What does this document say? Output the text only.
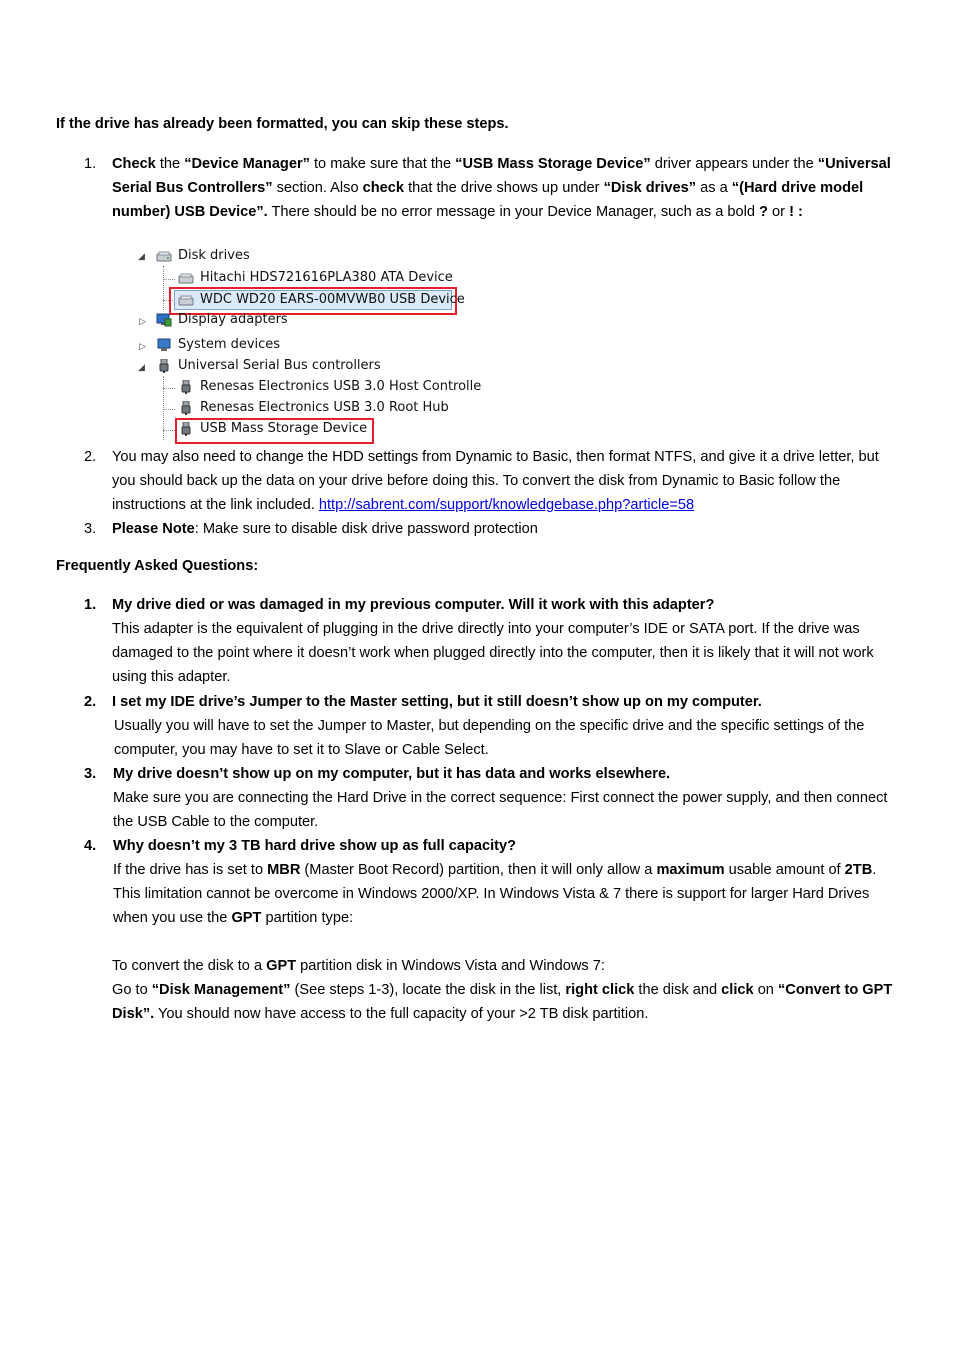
If the drive has already been formatted, you can skip these steps.

1. Check the “Device Manager” to make sure that the “USB Mass Storage Device” driver appears under the “Universal Serial Bus Controllers” section. Also check that the drive shows up under “Disk drives” as a “(Hard drive model number) USB Device”. There should be no error message in your Device Manager, such as a bold ? or ! :

◢	Disk drives
Hitachi HDS721616PLA380 ATA Device
WDC WD20 EARS-00MVWB0 USB Device
▷ Display adapters
▷ System devices
◢	Universal Serial Bus controllers
Renesas Electronics USB 3.0 Host Controlle
Renesas Electronics USB 3.0 Root Hub
USB Mass Storage Device
2. You may also need to change the HDD settings from Dynamic to Basic, then format NTFS, and give it a drive letter, but you should back up the data on your drive before doing this. To convert the disk from Dynamic to Basic follow the instructions at the link included. http://sabrent.com/support/knowledgebase.php?article=58

3. Please Note: Make sure to disable disk drive password protection

Frequently Asked Questions:

1. My drive died or was damaged in my previous computer. Will it work with this adapter?

This adapter is the equivalent of plugging in the drive directly into your computer’s IDE or SATA port. If the drive was damaged to the point where it doesn’t work when plugged directly into the computer, then it is likely that it will not work using this adapter.

2. I set my IDE drive’s Jumper to the Master setting, but it still doesn’t show up on my computer.

Usually you will have to set the Jumper to Master, but depending on the specific drive and the specific settings of the computer, you may have to set it to Slave or Cable Select.

3. My drive doesn’t show up on my computer, but it has data and works elsewhere.

Make sure you are connecting the Hard Drive in the correct sequence: First connect the power supply, and then connect the USB Cable to the computer.

4. Why doesn’t my 3 TB hard drive show up as full capacity?

If the drive has is set to MBR (Master Boot Record) partition, then it will only allow a maximum usable amount of 2TB. This limitation cannot be overcome in Windows 2000/XP. In Windows Vista & 7 there is support for larger Hard Drives when you use the GPT partition type:

To convert the disk to a GPT partition disk in Windows Vista and Windows 7:

Go to “Disk Management” (See steps 1-3), locate the disk in the list, right click the disk and click on “Convert to GPT Disk”. You should now have access to the full capacity of your >2 TB disk partition.
